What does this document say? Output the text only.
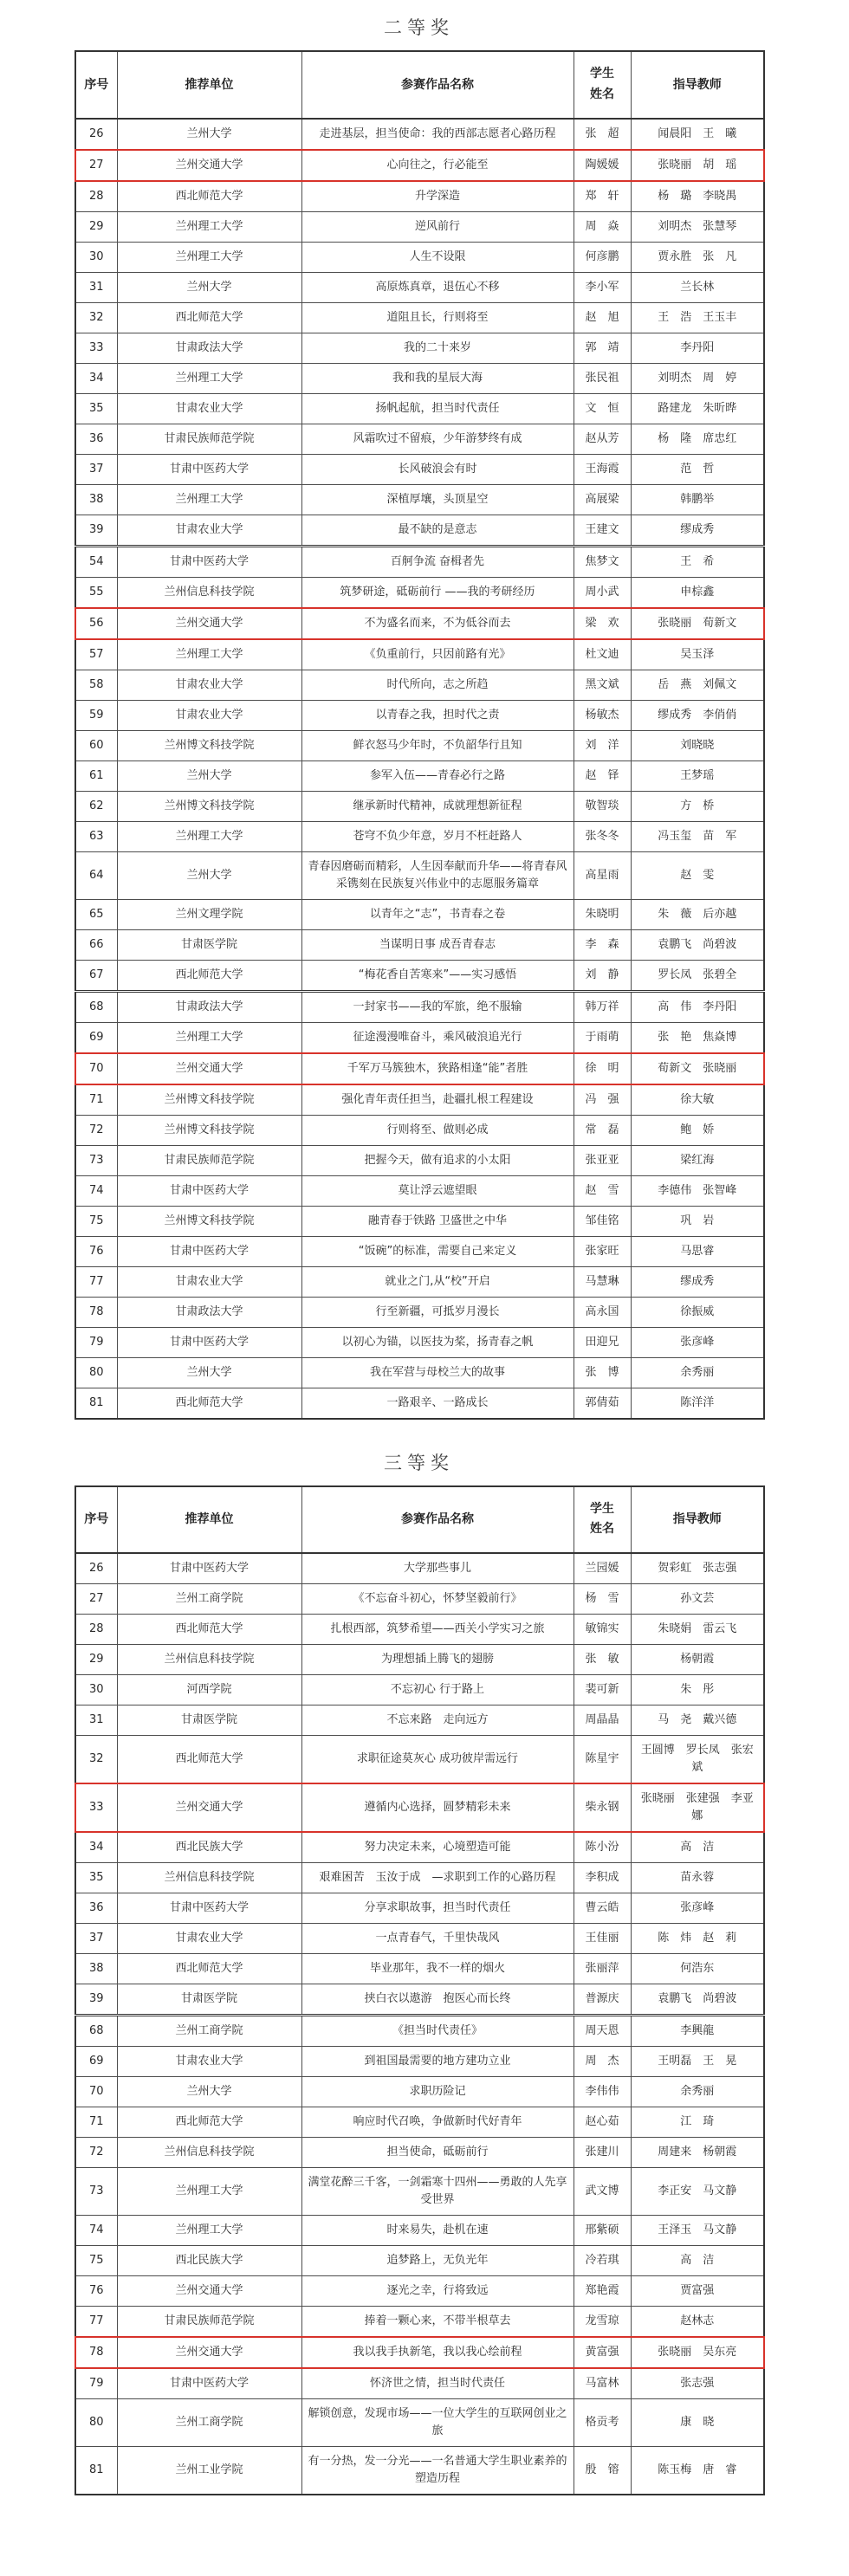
二等奖
序号	推荐单位	参赛作品名称	学生姓名	指导教师
26	兰州大学	走进基层，担当使命：我的西部志愿者心路历程	张　超	闻晨阳　王　曦
27	兰州交通大学	心向往之，行必能至	陶媛媛	张晓丽　胡　瑶
28	西北师范大学	升学深造	郑　轩	杨　璐　李晓禺
29	兰州理工大学	逆风前行	周　焱	刘明杰　张慧琴
30	兰州理工大学	人生不设限	何彦鹏	贾永胜　张　凡
31	兰州大学	高原炼真章，退伍心不移	李小军	兰长林
32	西北师范大学	道阻且长，行则将至	赵　旭	王　浩　王玉丰
33	甘肃政法大学	我的二十来岁	郭　靖	李丹阳
34	兰州理工大学	我和我的星辰大海	张民祖	刘明杰　周　婷
35	甘肃农业大学	扬帆起航，担当时代责任	文　恒	路建龙　朱昕晔
36	甘肃民族师范学院	风霜吹过不留痕，少年游梦终有成	赵从芳	杨　隆　席忠红
37	甘肃中医药大学	长风破浪会有时	王海霞	范　哲
38	兰州理工大学	深植厚壤，头顶星空	高展梁	韩鹏举
39	甘肃农业大学	最不缺的是意志	王建文	缪成秀
54	甘肃中医药大学	百舸争流 奋楫者先	焦梦文	王　希
55	兰州信息科技学院	筑梦研途，砥砺前行 ——我的考研经历	周小武	申棕鑫
56	兰州交通大学	不为盛名而来，不为低谷而去	梁　欢	张晓丽　荀新文
57	兰州理工大学	《负重前行，只因前路有光》	杜文迪	吴玉泽
58	甘肃农业大学	时代所向，志之所趋	黑文斌	岳　燕　刘佩文
59	甘肃农业大学	以青春之我，担时代之责	杨敏杰	缪成秀　李俏俏
60	兰州博文科技学院	鲜衣怒马少年时，不负韶华行且知	刘　洋	刘晓晓
61	兰州大学	参军入伍——青春必行之路	赵　铎	王梦瑶
62	兰州博文科技学院	继承新时代精神，成就理想新征程	敬智琰	方　桥
63	兰州理工大学	苍穹不负少年意，岁月不枉赶路人	张冬冬	冯玉玺　苗　军
64	兰州大学	青春因磨砺而精彩，人生因奉献而升华——将青春风采镌刻在民族复兴伟业中的志愿服务篇章	高星雨	赵　雯
65	兰州文理学院	以青年之“志”，书青春之卷	朱晓明	朱　薇　后亦越
66	甘肃医学院	当谋明日事 成吾青春志	李　森	袁鹏飞　尚碧波
67	西北师范大学	“梅花香自苦寒来”——实习感悟	刘　静	罗长凤　张碧全
68	甘肃政法大学	一封家书——我的军旅，绝不服输	韩万祥	高　伟　李丹阳
69	兰州理工大学	征途漫漫唯奋斗，乘风破浪追光行	于雨萌	张　艳　焦焱博
70	兰州交通大学	千军万马簇独木，狭路相逢“能”者胜	徐　明	荀新文　张晓丽
71	兰州博文科技学院	强化青年责任担当，赴疆扎根工程建设	冯　强	徐大敏
72	兰州博文科技学院	行则将至、做则必成	常　磊	鲍　娇
73	甘肃民族师范学院	把握今天，做有追求的小太阳	张亚亚	梁红海
74	甘肃中医药大学	莫让浮云遮望眼	赵　雪	李德伟　张智峰
75	兰州博文科技学院	融青春于铁路 卫盛世之中华	邹佳铭	巩　岩
76	甘肃中医药大学	“饭碗”的标准，需要自己来定义	张家旺	马思睿
77	甘肃农业大学	就业之门,从“校”开启	马慧琳	缪成秀
78	甘肃政法大学	行至新疆，可抵岁月漫长	高永国	徐振威
79	甘肃中医药大学	以初心为锚，以医技为桨，扬青春之帆	田迎兄	张彦峰
80	兰州大学	我在军营与母校兰大的故事	张　博	余秀丽
81	西北师范大学	一路艰辛、一路成长	郭倩茹	陈洋洋
三等奖
序号	推荐单位	参赛作品名称	学生姓名	指导教师
26	甘肃中医药大学	大学那些事儿	兰园媛	贺彩虹　张志强
27	兰州工商学院	《不忘奋斗初心，怀梦坚毅前行》	杨　雪	孙文芸
28	西北师范大学	扎根西部，筑梦希望——西关小学实习之旅	敏锦实	朱晓娟　雷云飞
29	兰州信息科技学院	为理想插上腾飞的翅膀	张　敏	杨朝霞
30	河西学院	不忘初心 行于路上	裴可新	朱　彤
31	甘肃医学院	不忘来路　走向远方	周晶晶	马　尧　戴兴德
32	西北师范大学	求职征途莫灰心 成功彼岸需远行	陈星宇	王圆博　罗长凤　张宏斌
33	兰州交通大学	遵循内心选择，圆梦精彩未来	柴永钢	张晓丽　张建强　李亚娜
34	西北民族大学	努力决定未来，心境塑造可能	陈小汾	高　洁
35	兰州信息科技学院	艰难困苦　玉汝于成　—求职到工作的心路历程	李积成	苗永蓉
36	甘肃中医药大学	分享求职故事，担当时代责任	曹云皓	张彦峰
37	甘肃农业大学	一点青春气，千里快哉风	王佳丽	陈　炜　赵　莉
38	西北师范大学	毕业那年，我不一样的烟火	张丽萍	何浩东
39	甘肃医学院	挟白衣以遨游　抱医心而长终	普源庆	袁鹏飞　尚碧波
68	兰州工商学院	《担当时代责任》	周天恩	李興龍
69	甘肃农业大学	到祖国最需要的地方建功立业	周　杰	王明磊　王　晃
70	兰州大学	求职历险记	李伟伟	余秀丽
71	西北师范大学	响应时代召唤，争做新时代好青年	赵心茹	江　琦
72	兰州信息科技学院	担当使命，砥砺前行	张建川	周建来　杨朝霞
73	兰州理工大学	满堂花醉三千客，一剑霜寒十四州——勇敢的人先享受世界	武文博	李正安　马文静
74	兰州理工大学	时来易失，赴机在速	邢紫硕	王泽玉　马文静
75	西北民族大学	追梦路上，无负光年	冷若琪	高　洁
76	兰州交通大学	逐光之幸，行将致远	郑艳霞	贾富强
77	甘肃民族师范学院	捧着一颗心来，不带半根草去	龙雪琼	赵林志
78	兰州交通大学	我以我手执新笔，我以我心绘前程	黄富强	张晓丽　吴东亮
79	甘肃中医药大学	怀济世之情，担当时代责任	马富林	张志强
80	兰州工商学院	解锁创意，发现市场——一位大学生的互联网创业之旅	格贡考	康　晓
81	兰州工业学院	有一分热，发一分光——一名普通大学生职业素养的塑造历程	殷　镕	陈玉梅　唐　睿
